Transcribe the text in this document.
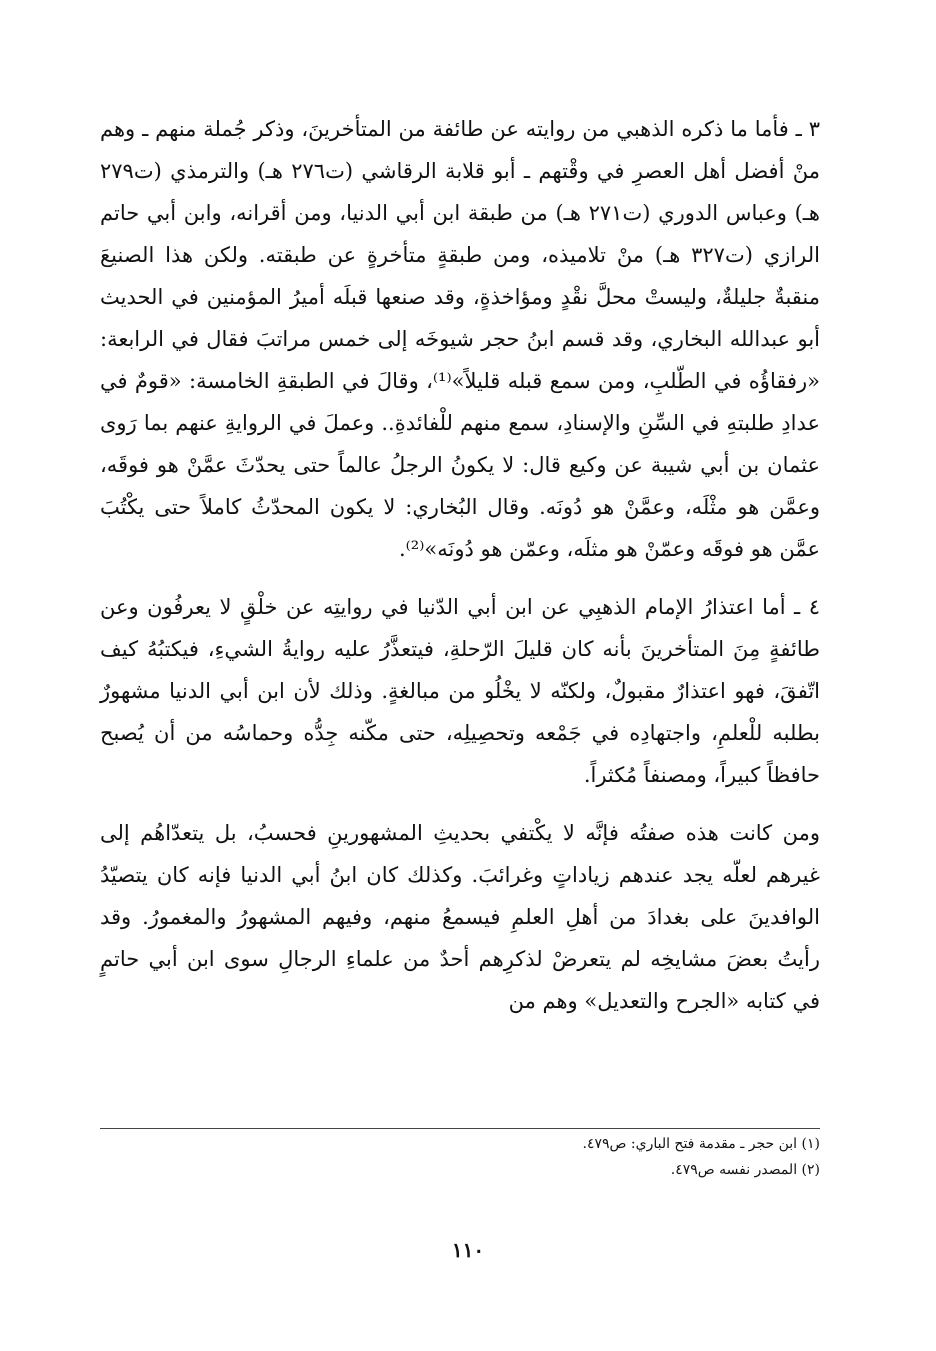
٣ ـ فأما ما ذكره الذهبي من روايته عن طائفة من المتأخرينَ، وذكر جُملة منهم ـ وهم منْ أفضل أهل العصرِ في وقْتهم ـ أبو قلابة الرقاشي (ت٢٧٦ هـ) والترمذي (ت٢٧٩ هـ) وعباس الدوري (ت٢٧١ هـ) من طبقة ابن أبي الدنيا، ومن أقرانه، وابن أبي حاتم الرازي (ت٣٢٧ هـ) منْ تلاميذه، ومن طبقةٍ متأخرةٍ عن طبقته. ولكن هذا الصنيعَ منقبةٌ جليلةٌ، وليستْ محلَّ نقْدٍ ومؤاخذةٍ، وقد صنعها قبلَه أميرُ المؤمنين في الحديث أبو عبدالله البخاري، وقد قسم ابنُ حجر شيوخَه إلى خمس مراتبَ فقال في الرابعة: «رفقاؤُه في الطّلبِ، ومن سمع قبله قليلاً»⁽¹⁾، وقالَ في الطبقةِ الخامسة: «قومٌ في عدادِ طلبتهِ في السِّنِ والإسنادِ، سمع منهم للْفائدةِ.. وعملَ في الروايةِ عنهم بما رَوى عثمان بن أبي شيبة عن وكيع قال: لا يكونُ الرجلُ عالماً حتى يحدّثَ عمَّنْ هو فوقَه، وعمَّن هو مثْلَه، وعمَّنْ هو دُونَه. وقال البُخاري: لا يكون المحدّثُ كاملاً حتى يكْتُبَ عمَّن هو فوقَه وعمّنْ هو مثلَه، وعمّن هو دُونَه»⁽²⁾.

٤ ـ أما اعتذارُ الإمام الذهبِي عن ابن أبي الدّنيا في روايتِه عن خلْقٍ لا يعرفُون وعن طائفةٍ مِنَ المتأخرينَ بأنه كان قليلَ الرّحلةِ، فيتعذَّرُ عليه روايةُ الشيءِ، فيكتبُهُ كيف اتّفقَ، فهو اعتذارٌ مقبولٌ، ولكنّه لا يخْلُو من مبالغةٍ. وذلك لأن ابن أبي الدنيا مشهورٌ بطلبه للْعلمِ، واجتهادِه في جَمْعه وتحصِيلِه، حتى مكّنه جِدُّه وحماسُه من أن يُصبح حافظاً كبيراً، ومصنفاً مُكثراً.

ومن كانت هذه صفتُه فإنَّه لا يكْتفي بحديثِ المشهورينِ فحسبُ، بل يتعدّاهُم إلى غيرهم لعلّه يجد عندهم زياداتٍ وغرائبَ. وكذلك كان ابنُ أبي الدنيا فإنه كان يتصيّدُ الوافدينَ على بغدادَ من أهلِ العلمِ فيسمعُ منهم، وفيهم المشهورُ والمغمورُ. وقد رأيتُ بعضَ مشايخِه لم يتعرضْ لذكرِهم أحدٌ من علماءِ الرجالِ سوى ابن أبي حاتمٍ في كتابه «الجرح والتعديل» وهم من

(١) ابن حجر ـ مقدمة فتح الباري: ص٤٧٩.

(٢) المصدر نفسه ص٤٧٩.

١١٠
